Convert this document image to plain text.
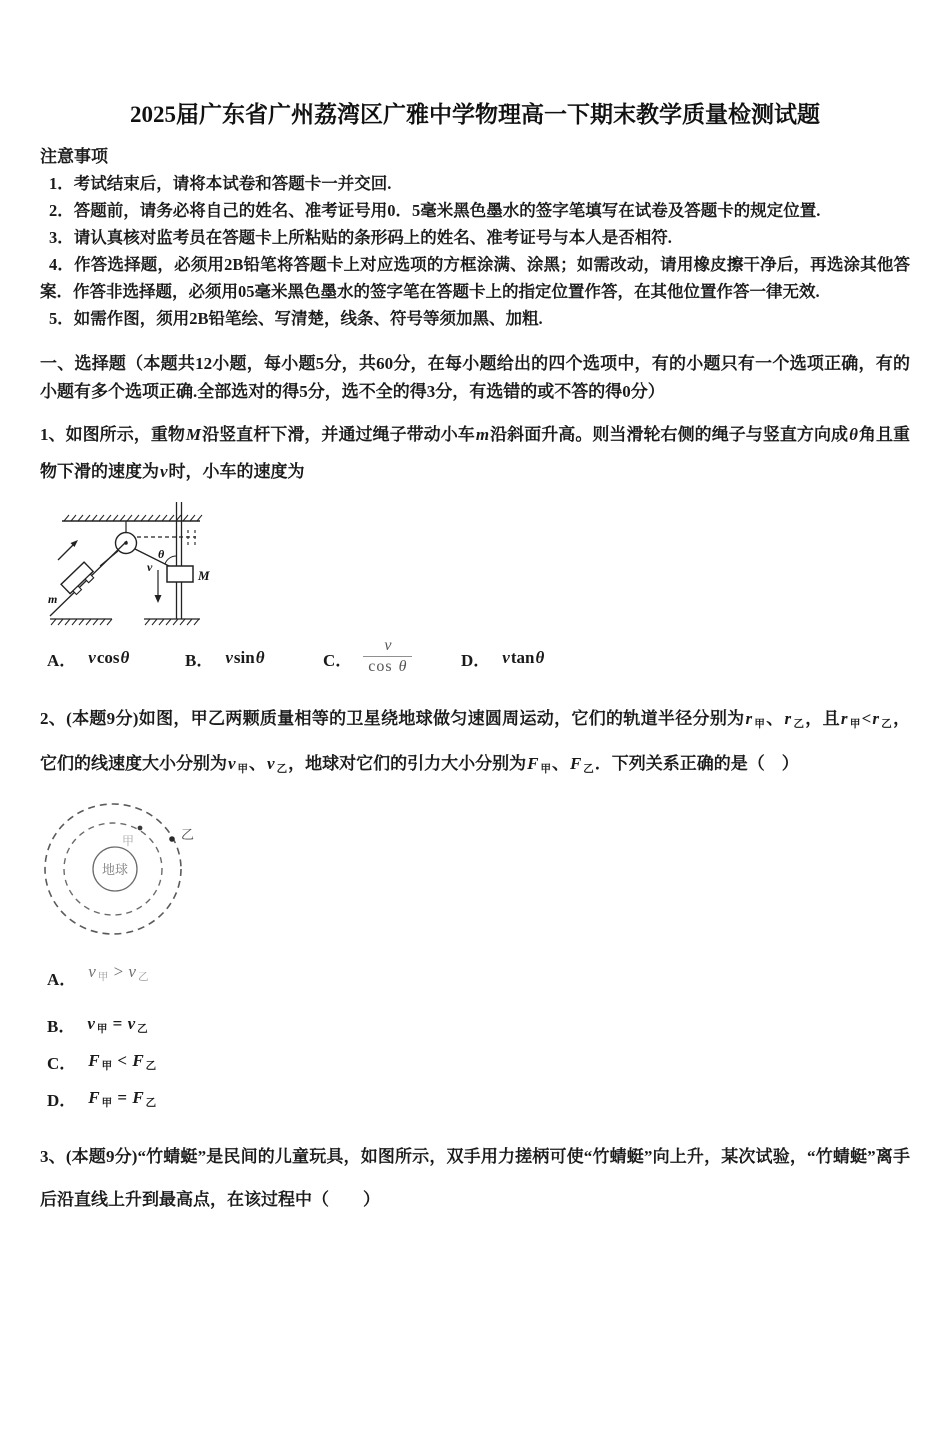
2025届广东省广州荔湾区广雅中学物理高一下期末教学质量检测试题
注意事项
1．考试结束后，请将本试卷和答题卡一并交回.
2．答题前，请务必将自己的姓名、准考证号用0．5毫米黑色墨水的签字笔填写在试卷及答题卡的规定位置.
3．请认真核对监考员在答题卡上所粘贴的条形码上的姓名、准考证号与本人是否相符.
4．作答选择题，必须用2B铅笔将答题卡上对应选项的方框涂满、涂黑；如需改动，请用橡皮擦干净后，再选涂其他答案．作答非选择题，必须用05毫米黑色墨水的签字笔在答题卡上的指定位置作答，在其他位置作答一律无效.
5．如需作图，须用2B铅笔绘、写清楚，线条、符号等须加黑、加粗.
一、选择题（本题共12小题，每小题5分，共60分，在每小题给出的四个选项中，有的小题只有一个选项正确，有的小题有多个选项正确.全部选对的得5分，选不全的得3分，有选错的或不答的得0分）
1、如图所示，重物M沿竖直杆下滑，并通过绳子带动小车m沿斜面升高。则当滑轮右侧的绳子与竖直方向成θ角且重物下滑的速度为v时，小车的速度为
θ
M
v
m
A． vcosθ	B． vsinθ	C． $\frac{v}{\text{cos θ}}$	D． vtanθ
2、(本题9分)如图，甲乙两颗质量相等的卫星绕地球做匀速圆周运动，它们的轨道半径分别为r $_甲$、r $_乙$，且r $_甲$<r $_乙$，它们的线速度大小分别为v $_甲$、v $_乙$，地球对它们的引力大小分别为F $_甲$、F $_乙$．下列关系正确的是（　）
地球
甲	乙
A． v $_甲$ > v $_乙$
B． v $_甲$ = v $_乙$
C． F $_甲$ < F $_乙$
D． F $_甲$ = F $_乙$
3、(本题9分)“竹蜻蜓”是民间的儿童玩具，如图所示，双手用力搓柄可使“竹蜻蜓”向上升，某次试验，“竹蜻蜓”离手后沿直线上升到最高点，在该过程中（　　）
